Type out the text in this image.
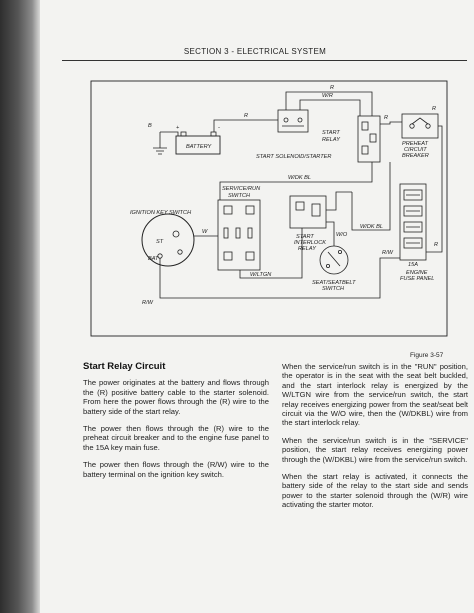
SECTION 3 - ELECTRICAL SYSTEM
B	+	-
BATTERY
R
R
W/R
R
R
R
START
RELAY
START SOLENOID/STARTER
PREHEAT
CIRCUIT
BREAKER
W/DK BL
W/DK BL
IGNITION KEY SWITCH
ST
BAT
W
SERVICE/RUN
SWITCH
START
INTERLOCK
RELAY
W/LTGN
W/O
SEAT/SEATBELT
SWITCH
R/W
R/W
15A
ENGINE
FUSE PANEL
Figure 3-57
Start Relay Circuit

The power originates at the battery and flows through the (R) positive battery cable to the starter solenoid. From here the power flows through the (R) wire to the battery side of the start relay.

The power then flows through the (R) wire to the preheat circuit breaker and to the engine fuse panel to the 15A key main fuse.

The power then flows through the (R/W) wire to the battery terminal on the ignition key switch.

When the service/run switch is in the "RUN" position, the operator is in the seat with the seat belt buckled, and the start interlock relay is energized by the W/LTGN wire from the service/run switch, the start relay receives energizing power from the seat/seat belt circuit via the W/O wire, then the (W/DKBL) wire from the start interlock relay.

When the service/run switch is in the "SERVICE" position, the start relay receives energizing power through the (W/DKBL) wire from the service/run switch.

When the start relay is activated, it connects the battery side of the relay to the start side and sends power to the starter solenoid through the (W/R) wire activating the starter motor.
